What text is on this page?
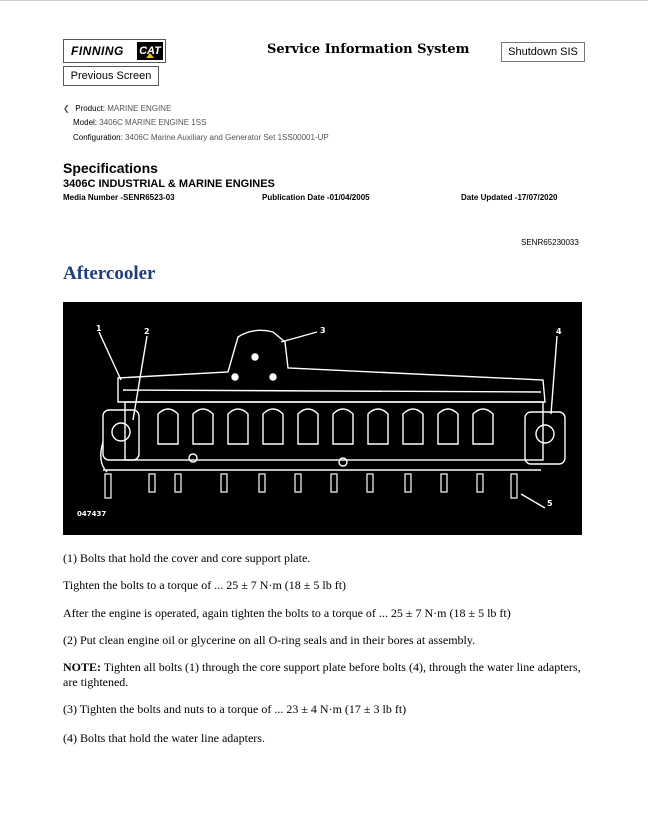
FINNING CAT
Previous Screen
Service Information System	Shutdown SIS
❮ Product: MARINE ENGINE
Model: 3406C MARINE ENGINE 1SS
Configuration: 3406C Marine Auxiliary and Generator Set 1SS00001-UP
Specifications
3406C INDUSTRIAL & MARINE ENGINES
Media Number -SENR6523-03	Publication Date -01/04/2005	Date Updated -17/07/2020
SENR65230033
Aftercooler
1	2	3	4
5
047437
(1) Bolts that hold the cover and core support plate.
Tighten the bolts to a torque of ... 25 ± 7 N·m (18 ± 5 lb ft)
After the engine is operated, again tighten the bolts to a torque of ... 25 ± 7 N·m (18 ± 5 lb ft)
(2) Put clean engine oil or glycerine on all O-ring seals and in their bores at assembly.
NOTE: Tighten all bolts (1) through the core support plate before bolts (4), through the water line adapters, are tightened.
(3) Tighten the bolts and nuts to a torque of ... 23 ± 4 N·m (17 ± 3 lb ft)
(4) Bolts that hold the water line adapters.
